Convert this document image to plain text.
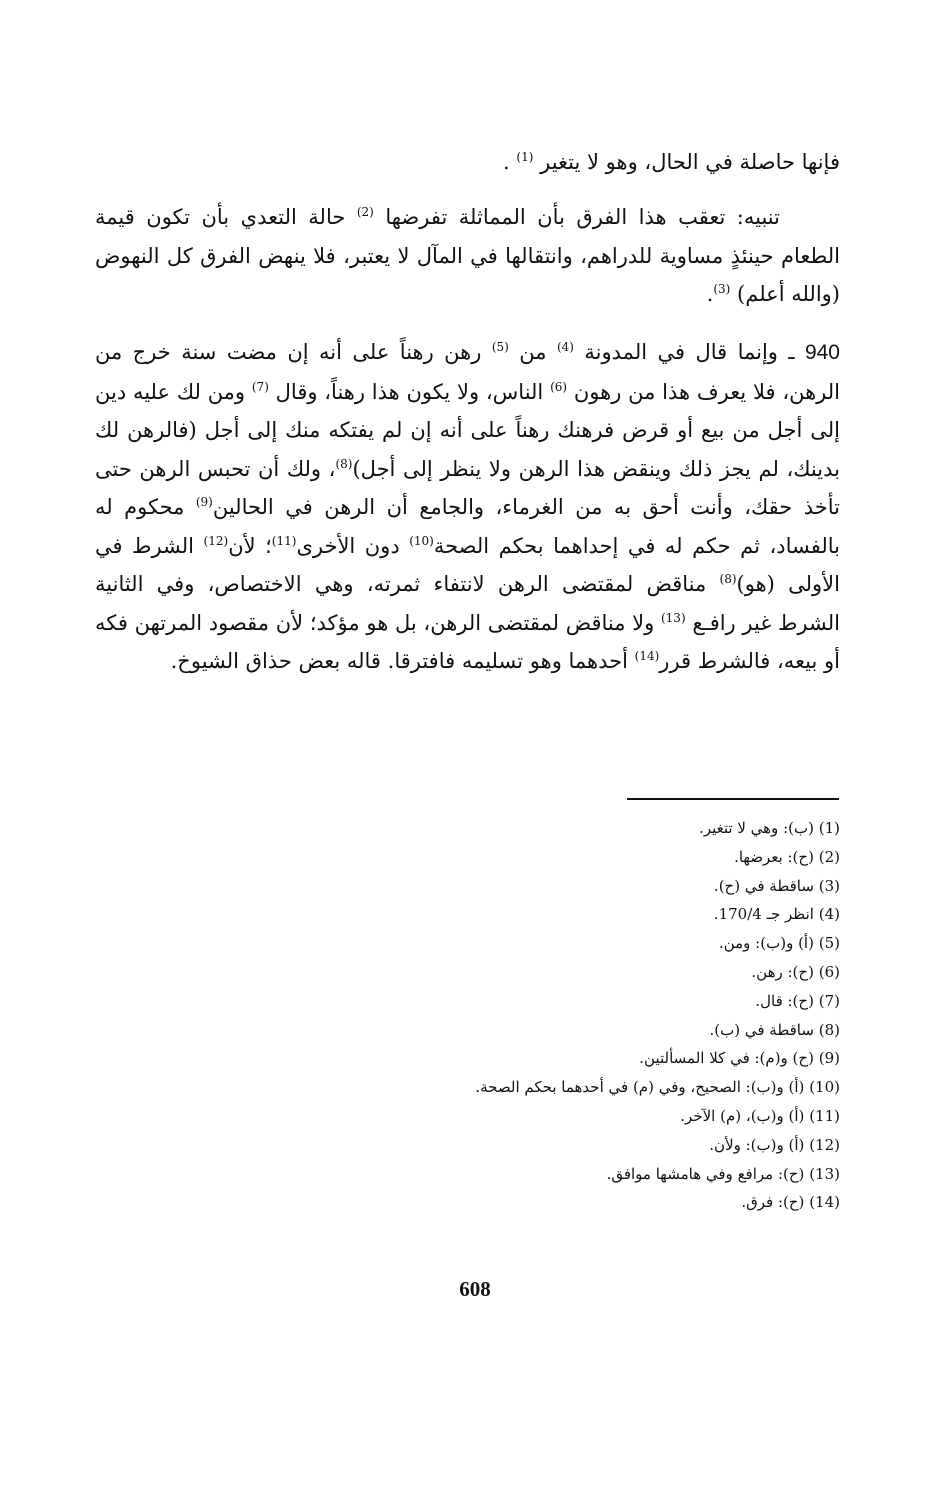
فإنها حاصلة في الحال، وهو لا يتغير $^{(1)}$ .
تنبيه: تعقب هذا الفرق بأن المماثلة تفرضها $^{(2)}$ حالة التعدي بأن تكون قيمة الطعام حينئذٍ مساوية للدراهم، وانتقالها في المآل لا يعتبر، فلا ينهض الفرق كل النهوض (والله أعلم) $^{(3)}$.
940 ـ وإنما قال في المدونة $^{(4)}$ من $^{(5)}$ رهن رهناً على أنه إن مضت سنة خرج من الرهن، فلا يعرف هذا من رهون $^{(6)}$ الناس، ولا يكون هذا رهناً، وقال $^{(7)}$ ومن لك عليه دين إلى أجل من بيع أو قرض فرهنك رهناً على أنه إن لم يفتكه منك إلى أجل (فالرهن لك بدينك، لم يجز ذلك وينقض هذا الرهن ولا ينظر إلى أجل)$^{(8)}$، ولك أن تحبس الرهن حتى تأخذ حقك، وأنت أحق به من الغرماء، والجامع أن الرهن في الحالين$^{(9)}$ محكوم له بالفساد، ثم حكم له في إحداهما بحكم الصحة$^{(10)}$ دون الأخرى$^{(11)}$؛ لأن$^{(12)}$ الشرط في الأولى (هو)$^{(8)}$ مناقض لمقتضى الرهن لانتفاء ثمرته، وهي الاختصاص، وفي الثانية الشرط غير رافـع $^{(13)}$ ولا مناقض لمقتضى الرهن، بل هو مؤكد؛ لأن مقصود المرتهن فكه أو بيعه، فالشرط قرر$^{(14)}$ أحدهما وهو تسليمه فافترقا. قاله بعض حذاق الشيوخ.
(1) (ب): وهي لا تتغير.
(2) (ح): بعرضها.
(3) ساقطة في (ح).
(4) انظر جـ 170/4.
(5) (أ) و(ب): ومن.
(6) (ح): رهن.
(7) (ح): قال.
(8) ساقطة في (ب).
(9) (ح) و(م): في كلا المسألتين.
(10) (أ) و(ب): الصحيح، وفي (م) في أحدهما بحكم الصحة.
(11) (أ) و(ب)، (م) الآخر.
(12) (أ) و(ب): ولأن.
(13) (ح): مرافع وفي هامشها موافق.
(14) (ح): فرق.
608
